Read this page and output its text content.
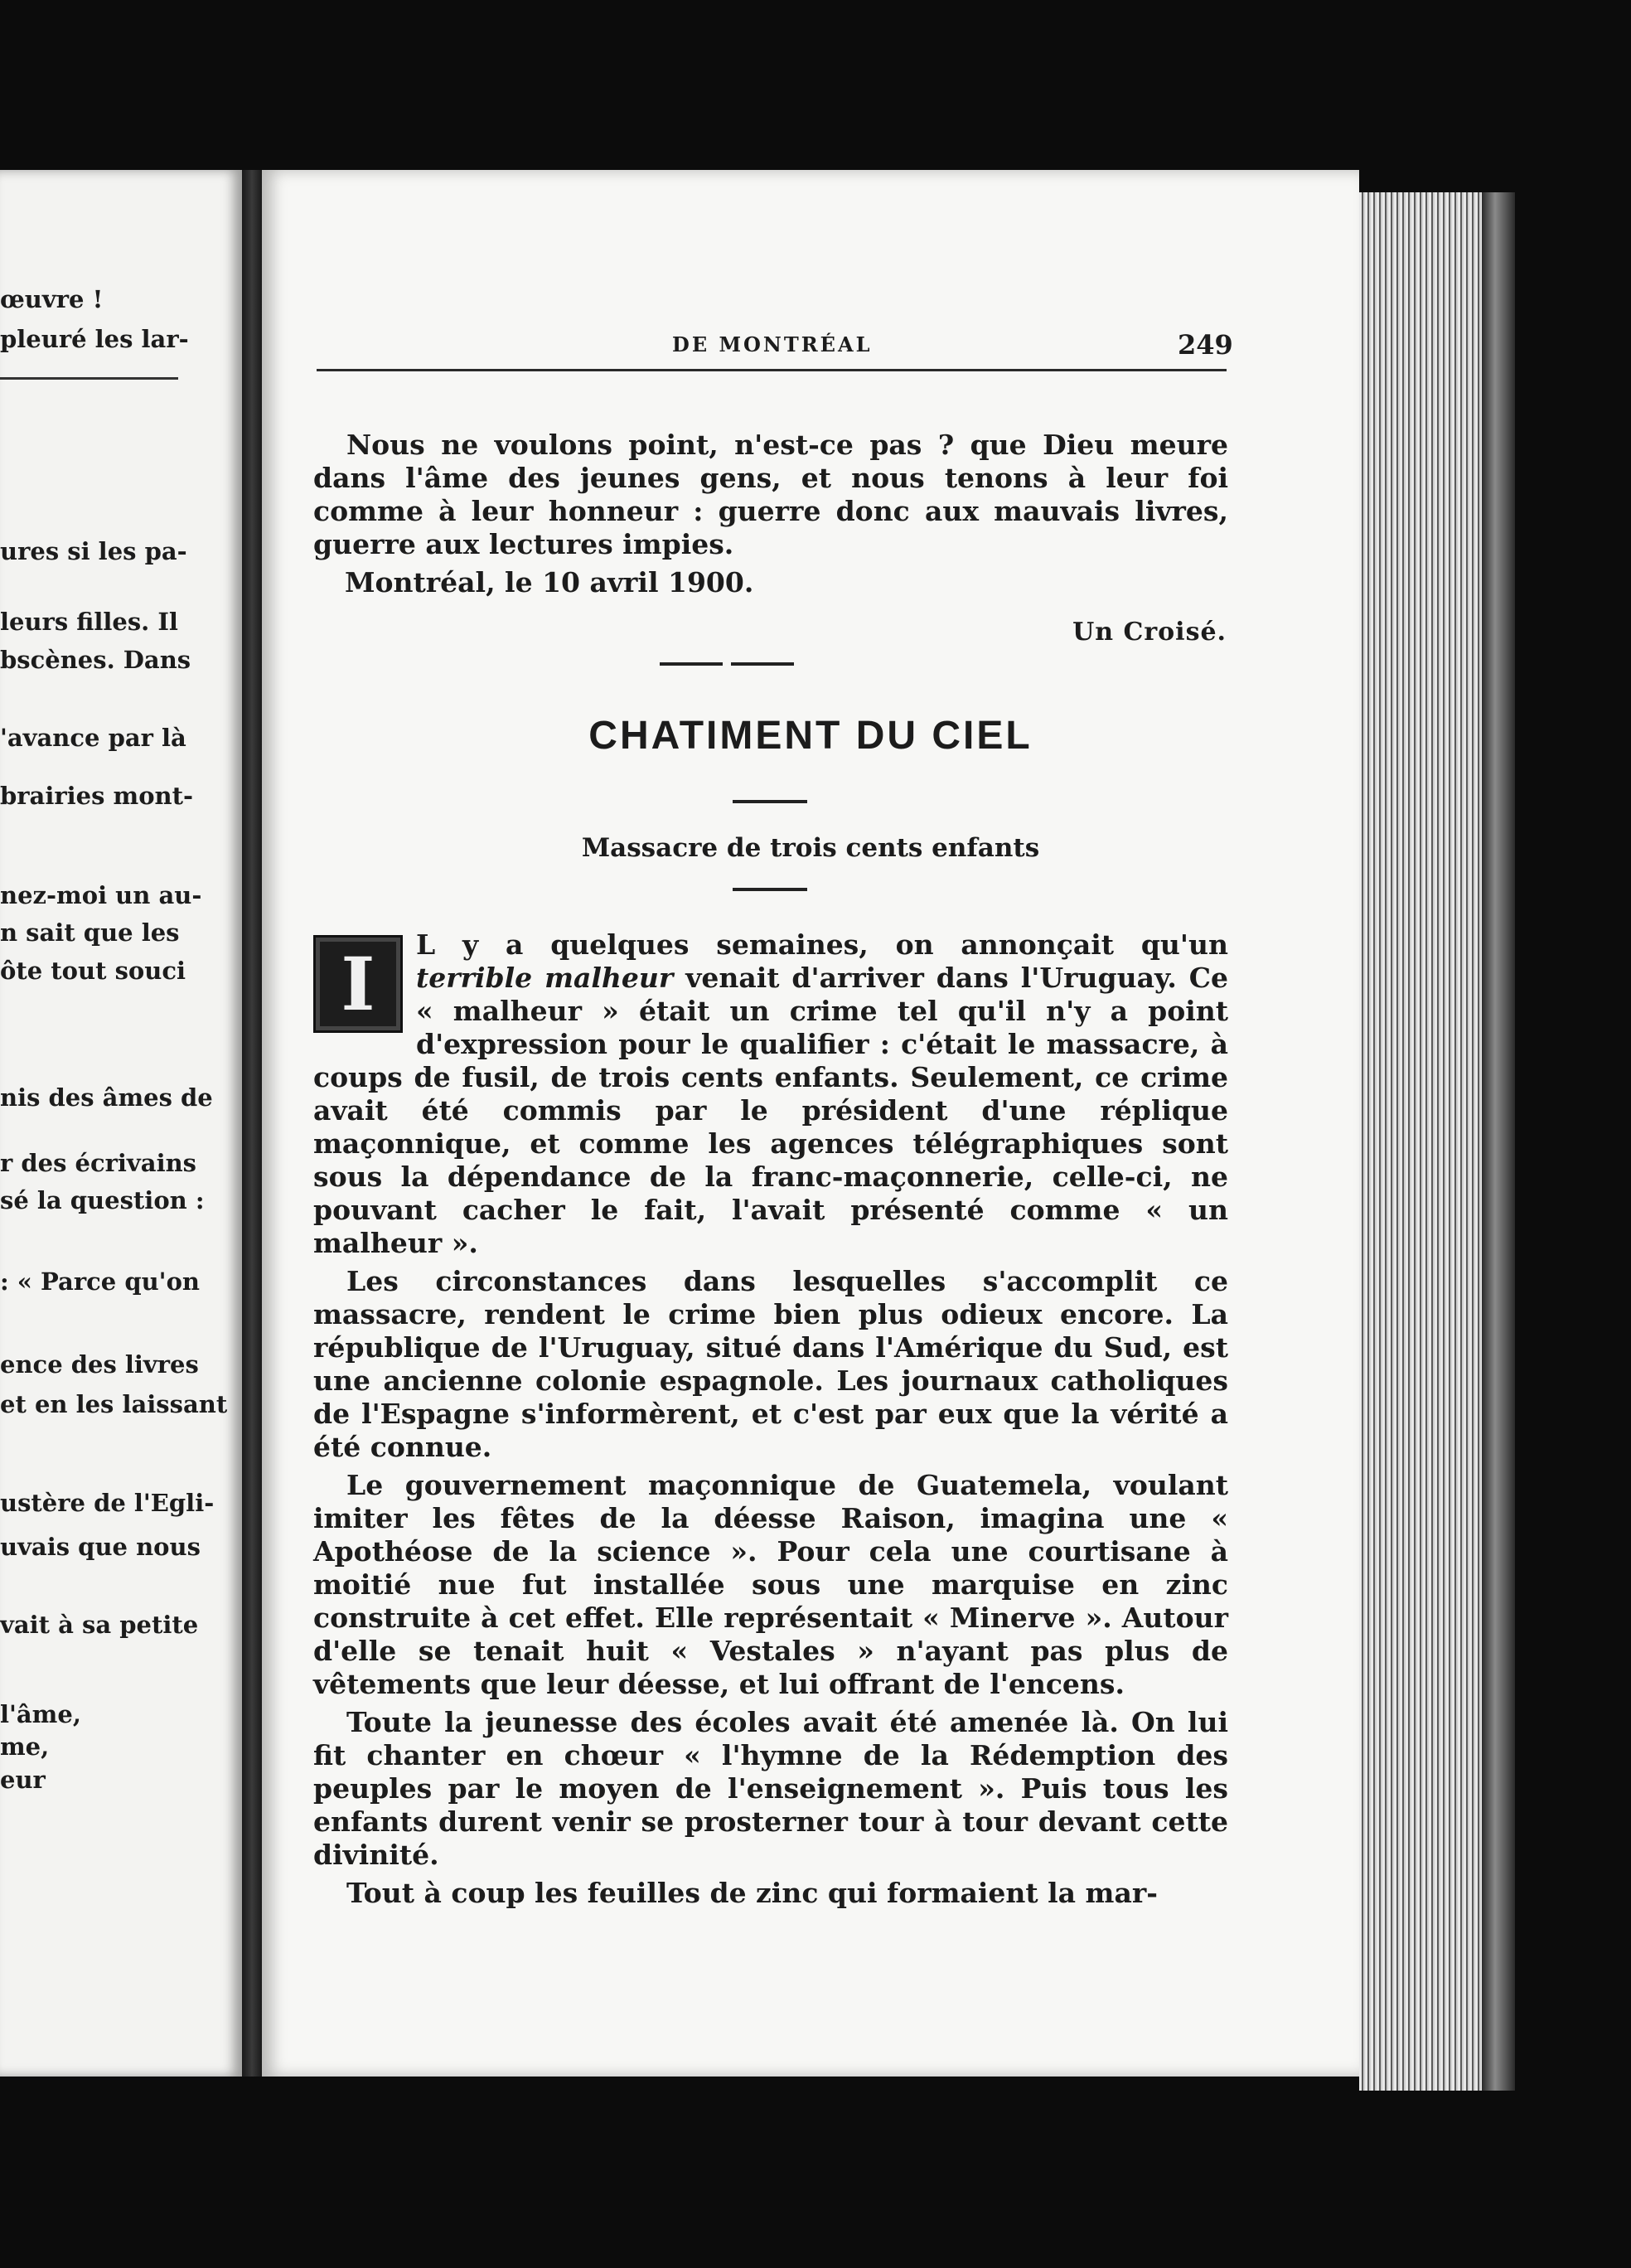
œuvre !
pleuré les lar-
ures si les pa-
leurs filles. Il
bscènes. Dans
'avance par là
brairies mont-
nez-moi un au-
n sait que les
ôte tout souci
nis des âmes de
r des écrivains
sé la question :
: « Parce qu'on
ence des livres
et en les laissant
ustère de l'Egli-
uvais que nous
vait à sa petite
l'âme,
me,
eur
DE MONTRÉAL	249

Nous ne voulons point, n'est-ce pas ? que Dieu meure dans l'âme des jeunes gens, et nous tenons à leur foi comme à leur honneur : guerre donc aux mauvais livres, guerre aux lectures impies.

Montréal, le 10 avril 1900.
Un Croisé.
CHATIMENT DU CIEL
Massacre de trois cents enfants

I	L y a quelques semaines, on annonçait qu'un terrible malheur venait d'arriver dans l'Uruguay. Ce « malheur » était un crime tel qu'il n'y a point d'expression pour le qualifier : c'était le massacre, à coups de fusil, de trois cents enfants. Seulement, ce crime avait été commis par le président d'une réplique maçonnique, et comme les agences télégraphiques sont sous la dépendance de la franc-maçonnerie, celle-ci, ne pouvant cacher le fait, l'avait présenté comme « un malheur ».

Les circonstances dans lesquelles s'accomplit ce massacre, rendent le crime bien plus odieux encore. La république de l'Uruguay, situé dans l'Amérique du Sud, est une ancienne colonie espagnole. Les journaux catholiques de l'Espagne s'informèrent, et c'est par eux que la vérité a été connue.

Le gouvernement maçonnique de Guatemela, voulant imiter les fêtes de la déesse Raison, imagina une « Apothéose de la science ». Pour cela une courtisane à moitié nue fut installée sous une marquise en zinc construite à cet effet. Elle représentait « Minerve ». Autour d'elle se tenait huit « Vestales » n'ayant pas plus de vêtements que leur déesse, et lui offrant de l'encens.

Toute la jeunesse des écoles avait été amenée là. On lui fit chanter en chœur « l'hymne de la Rédemption des peuples par le moyen de l'enseignement ». Puis tous les enfants durent venir se prosterner tour à tour devant cette divinité.

Tout à coup les feuilles de zinc qui formaient la mar-
